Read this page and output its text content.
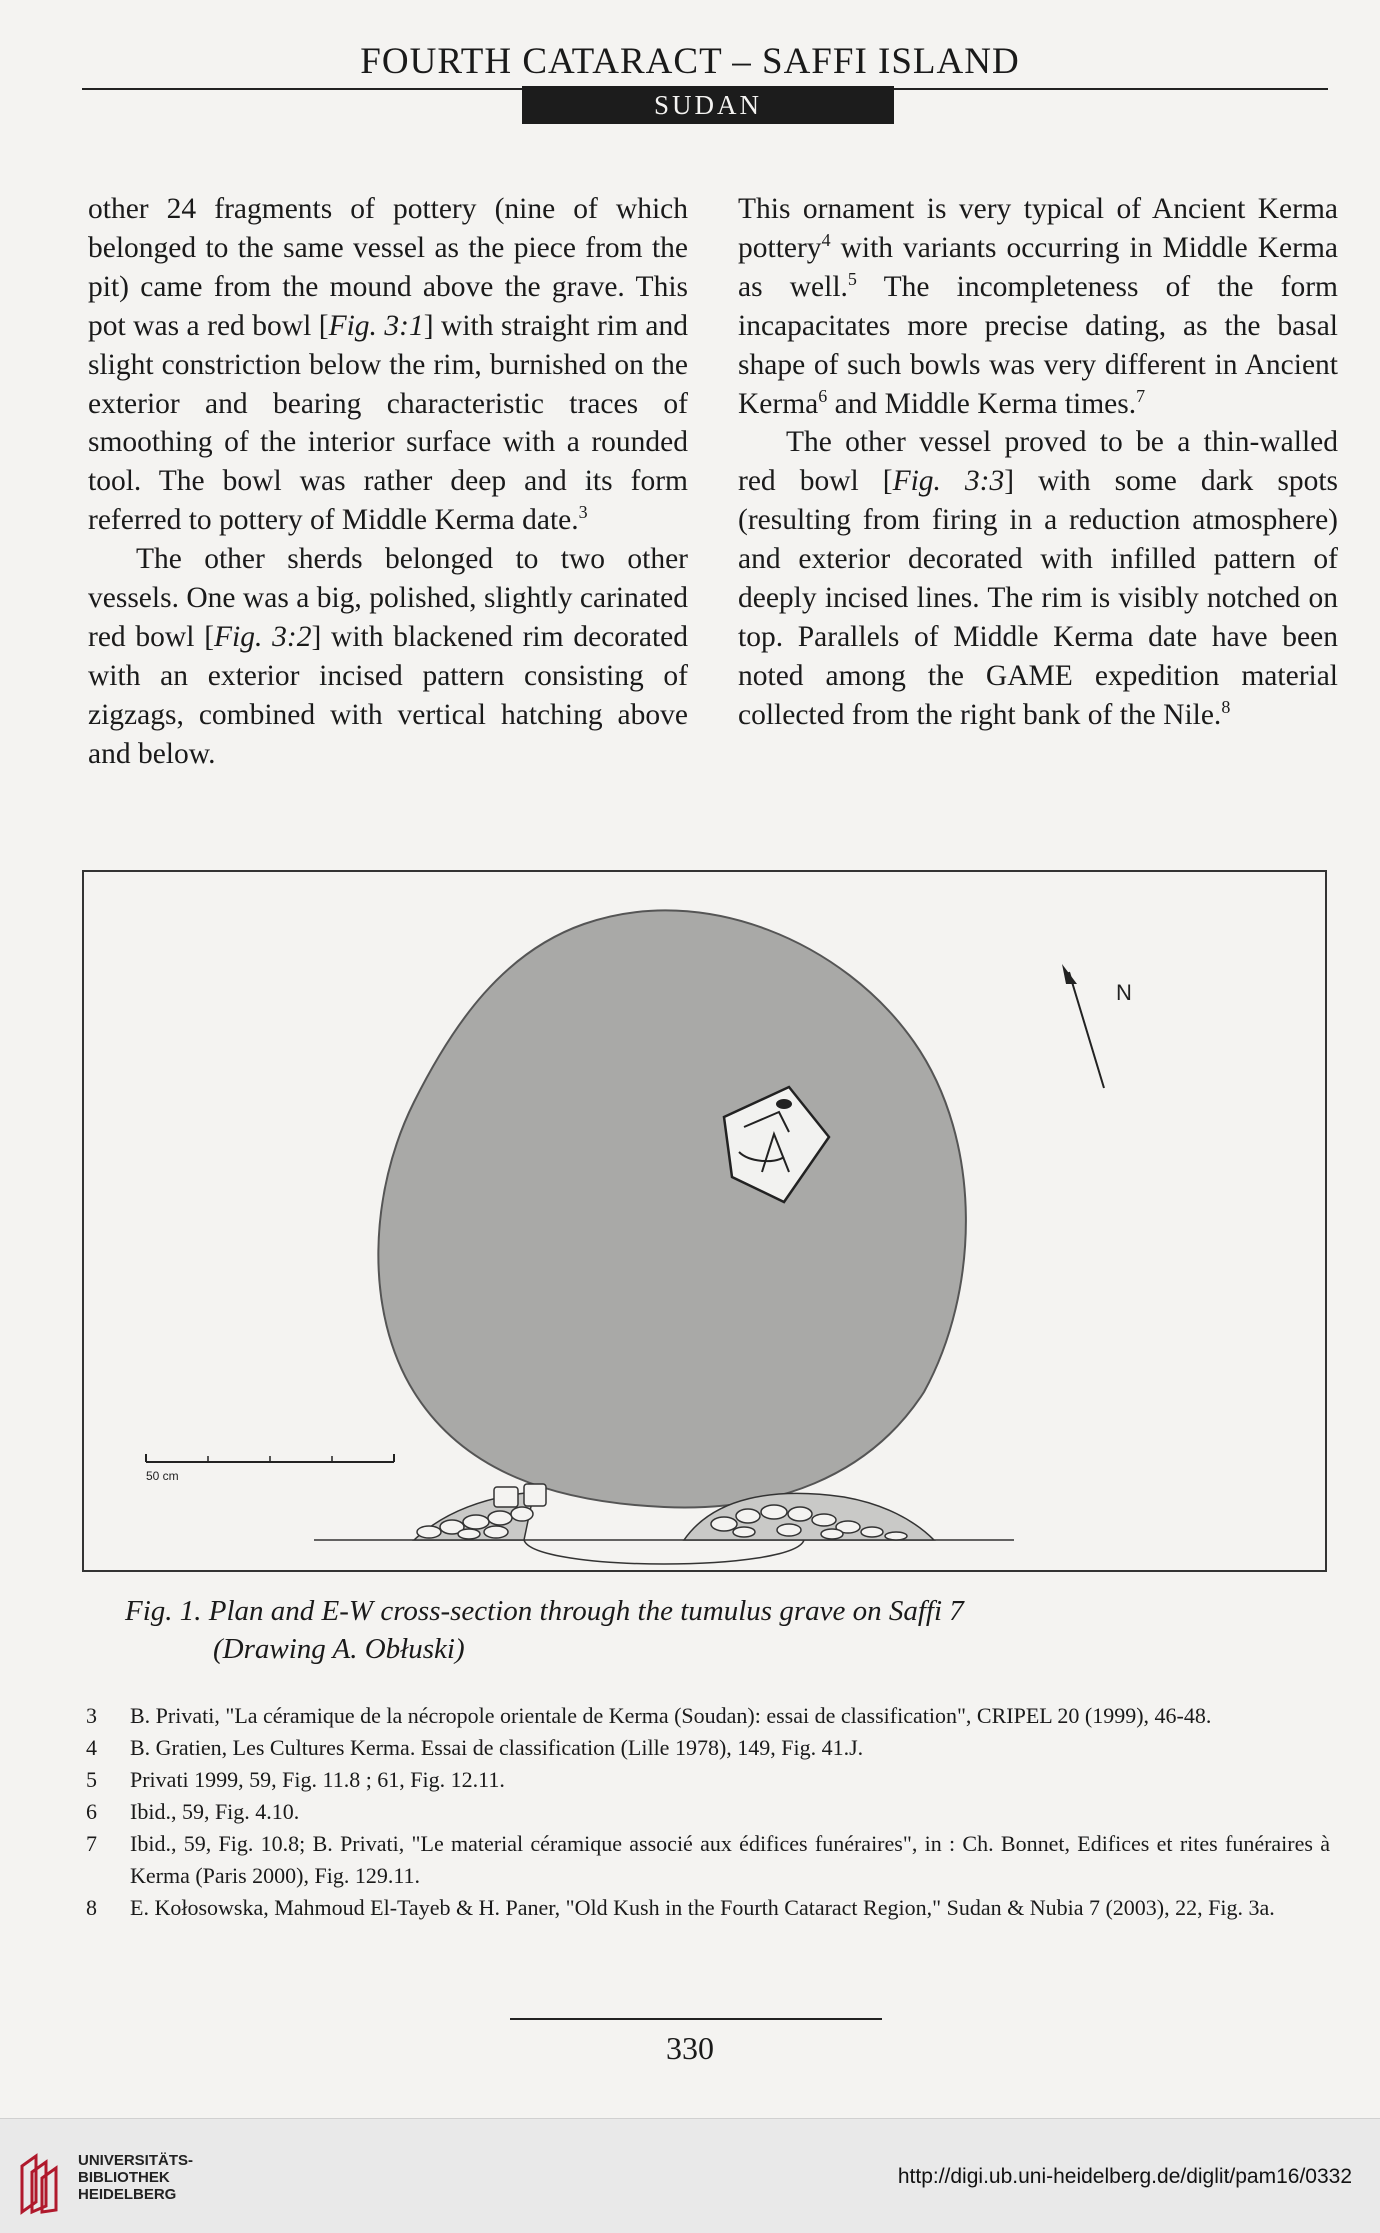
FOURTH CATARACT – SAFFI ISLAND
SUDAN

other 24 fragments of pottery (nine of which belonged to the same vessel as the piece from the pit) came from the mound above the grave. This pot was a red bowl [Fig. 3:1] with straight rim and slight constriction below the rim, burnished on the exterior and bearing characteristic traces of smoothing of the interior surface with a rounded tool. The bowl was rather deep and its form referred to pottery of Middle Kerma date.$^3$

The other sherds belonged to two other vessels. One was a big, polished, slightly carinated red bowl [Fig. 3:2] with blackened rim decorated with an exterior incised pattern consisting of zigzags, combined with vertical hatching above and below.

This ornament is very typical of Ancient Kerma pottery$^4$ with variants occurring in Middle Kerma as well.$^5$ The incompleteness of the form incapacitates more precise dating, as the basal shape of such bowls was very different in Ancient Kerma$^6$ and Middle Kerma times.$^7$

The other vessel proved to be a thin-walled red bowl [Fig. 3:3] with some dark spots (resulting from firing in a reduction atmosphere) and exterior decorated with infilled pattern of deeply incised lines. The rim is visibly notched on top. Parallels of Middle Kerma date have been noted among the GAME expedition material collected from the right bank of the Nile.$^8$

N
50 cm
Fig. 1. Plan and E-W cross-section through the tumulus grave on Saffi 7
(Drawing A. Obłuski)
3	B. Privati, "La céramique de la nécropole orientale de Kerma (Soudan): essai de classification", CRIPEL 20 (1999), 46-48.
4	B. Gratien, Les Cultures Kerma. Essai de classification (Lille 1978), 149, Fig. 41.J.
5	Privati 1999, 59, Fig. 11.8 ; 61, Fig. 12.11.
6	Ibid., 59, Fig. 4.10.
7	Ibid., 59, Fig. 10.8; B. Privati, "Le material céramique associé aux édifices funéraires", in : Ch. Bonnet, Edifices et rites funéraires à Kerma (Paris 2000), Fig. 129.11.
8	E. Kołosowska, Mahmoud El-Tayeb & H. Paner, "Old Kush in the Fourth Cataract Region," Sudan & Nubia 7 (2003), 22, Fig. 3a.
330
UNIVERSITÄTS-
BIBLIOTHEK
HEIDELBERG
http://digi.ub.uni-heidelberg.de/diglit/pam16/0332
